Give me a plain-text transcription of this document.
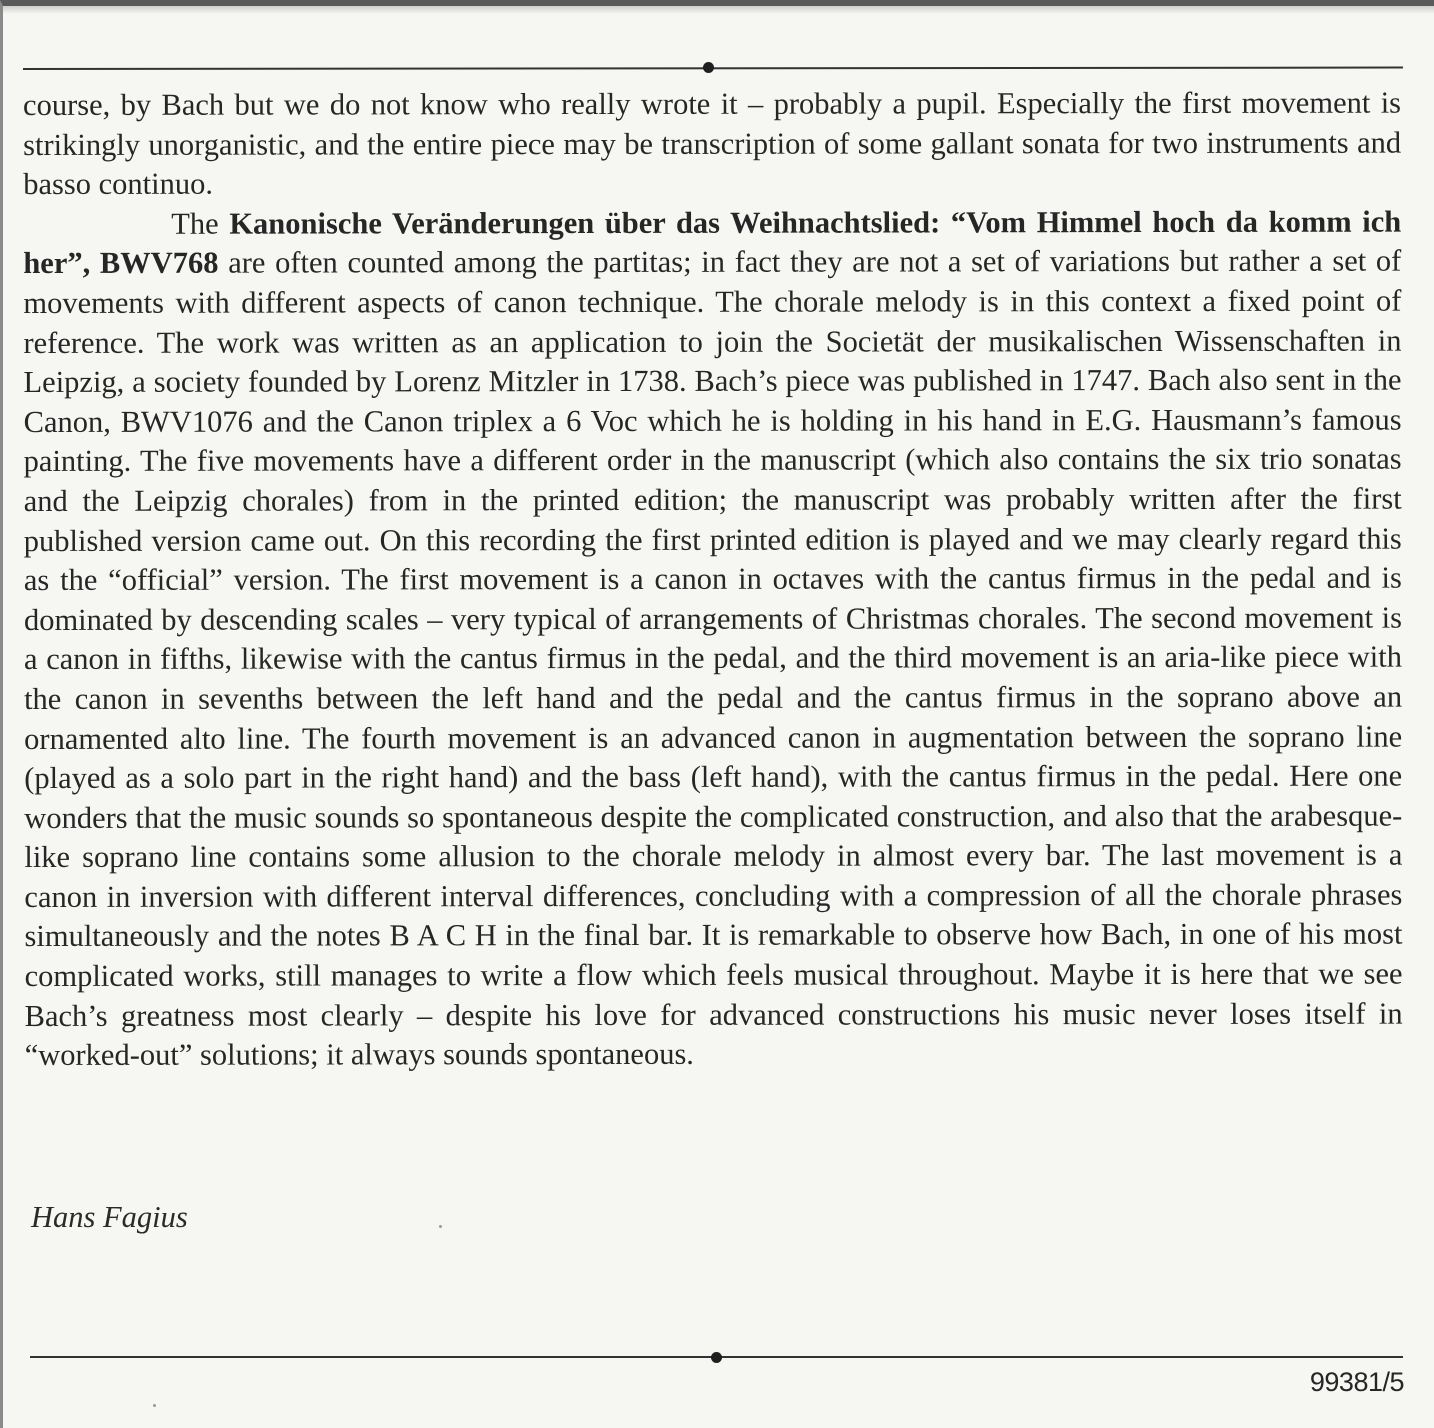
course, by Bach but we do not know who really wrote it – probably a pupil. Especially the first movement is strikingly unorganistic, and the entire piece may be transcription of some gallant sonata for two instruments and basso continuo.

The Kanonische Veränderungen über das Weihnachtslied: “Vom Himmel hoch da komm ich her”, BWV768 are often counted among the partitas; in fact they are not a set of variations but rather a set of movements with different aspects of canon technique. The chorale melody is in this context a fixed point of reference. The work was written as an application to join the Societät der musikalischen Wissenschaften in Leipzig, a society founded by Lorenz Mitzler in 1738. Bach’s piece was published in 1747. Bach also sent in the Canon, BWV1076 and the Canon triplex a 6 Voc which he is holding in his hand in E.G. Hausmann’s famous painting. The five movements have a different order in the manuscript (which also contains the six trio sonatas and the Leipzig chorales) from in the printed edition; the manuscript was probably written after the first published version came out. On this recording the first printed edition is played and we may clearly regard this as the “official” version. The first movement is a canon in octaves with the cantus firmus in the pedal and is dominated by descending scales – very typical of arrangements of Christmas chorales. The second movement is a canon in fifths, likewise with the cantus firmus in the pedal, and the third movement is an aria-like piece with the canon in sevenths between the left hand and the pedal and the cantus firmus in the soprano above an ornamented alto line. The fourth movement is an advanced canon in augmentation between the soprano line (played as a solo part in the right hand) and the bass (left hand), with the cantus firmus in the pedal. Here one wonders that the music sounds so spontaneous despite the complicated construction, and also that the arabesque-like soprano line contains some allusion to the chorale melody in almost every bar. The last movement is a canon in inversion with different interval differences, concluding with a compression of all the chorale phrases simultaneously and the notes B A C H in the final bar. It is remarkable to observe how Bach, in one of his most complicated works, still manages to write a flow which feels musical throughout. Maybe it is here that we see Bach’s greatness most clearly – despite his love for advanced constructions his music never loses itself in “worked-out” solutions; it always sounds spontaneous.

Hans Fagius
99381/5
